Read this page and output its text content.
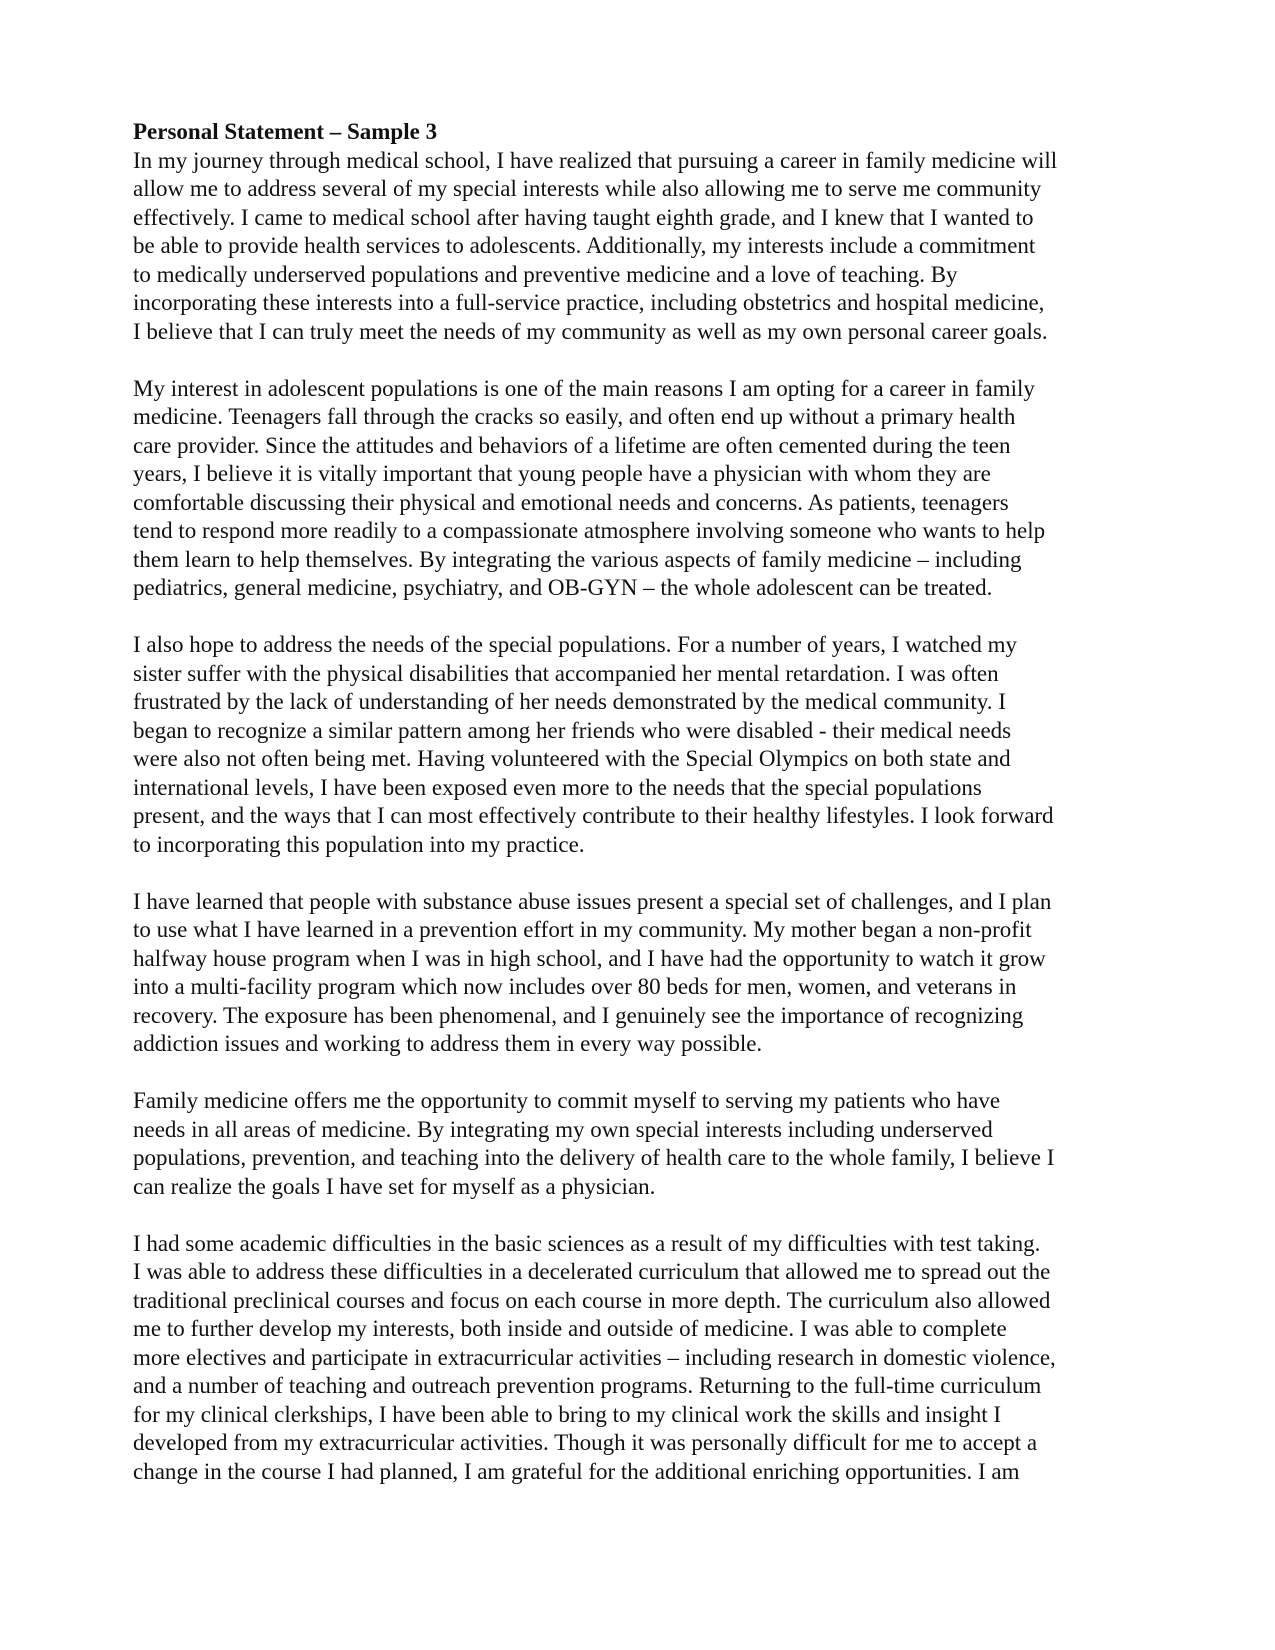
Personal Statement – Sample 3
In my journey through medical school, I have realized that pursuing a career in family medicine will
allow me to address several of my special interests while also allowing me to serve me community
effectively. I came to medical school after having taught eighth grade, and I knew that I wanted to
be able to provide health services to adolescents. Additionally, my interests include a commitment
to medically underserved populations and preventive medicine and a love of teaching. By
incorporating these interests into a full-service practice, including obstetrics and hospital medicine,
I believe that I can truly meet the needs of my community as well as my own personal career goals.
My interest in adolescent populations is one of the main reasons I am opting for a career in family
medicine. Teenagers fall through the cracks so easily, and often end up without a primary health
care provider. Since the attitudes and behaviors of a lifetime are often cemented during the teen
years, I believe it is vitally important that young people have a physician with whom they are
comfortable discussing their physical and emotional needs and concerns. As patients, teenagers
tend to respond more readily to a compassionate atmosphere involving someone who wants to help
them learn to help themselves. By integrating the various aspects of family medicine – including
pediatrics, general medicine, psychiatry, and OB-GYN – the whole adolescent can be treated.
I also hope to address the needs of the special populations. For a number of years, I watched my
sister suffer with the physical disabilities that accompanied her mental retardation. I was often
frustrated by the lack of understanding of her needs demonstrated by the medical community. I
began to recognize a similar pattern among her friends who were disabled - their medical needs
were also not often being met. Having volunteered with the Special Olympics on both state and
international levels, I have been exposed even more to the needs that the special populations
present, and the ways that I can most effectively contribute to their healthy lifestyles. I look forward
to incorporating this population into my practice.
I have learned that people with substance abuse issues present a special set of challenges, and I plan
to use what I have learned in a prevention effort in my community. My mother began a non-profit
halfway house program when I was in high school, and I have had the opportunity to watch it grow
into a multi-facility program which now includes over 80 beds for men, women, and veterans in
recovery. The exposure has been phenomenal, and I genuinely see the importance of recognizing
addiction issues and working to address them in every way possible.
Family medicine offers me the opportunity to commit myself to serving my patients who have
needs in all areas of medicine. By integrating my own special interests including underserved
populations, prevention, and teaching into the delivery of health care to the whole family, I believe I
can realize the goals I have set for myself as a physician.
I had some academic difficulties in the basic sciences as a result of my difficulties with test taking.
I was able to address these difficulties in a decelerated curriculum that allowed me to spread out the
traditional preclinical courses and focus on each course in more depth. The curriculum also allowed
me to further develop my interests, both inside and outside of medicine. I was able to complete
more electives and participate in extracurricular activities – including research in domestic violence,
and a number of teaching and outreach prevention programs. Returning to the full-time curriculum
for my clinical clerkships, I have been able to bring to my clinical work the skills and insight I
developed from my extracurricular activities. Though it was personally difficult for me to accept a
change in the course I had planned, I am grateful for the additional enriching opportunities. I am
